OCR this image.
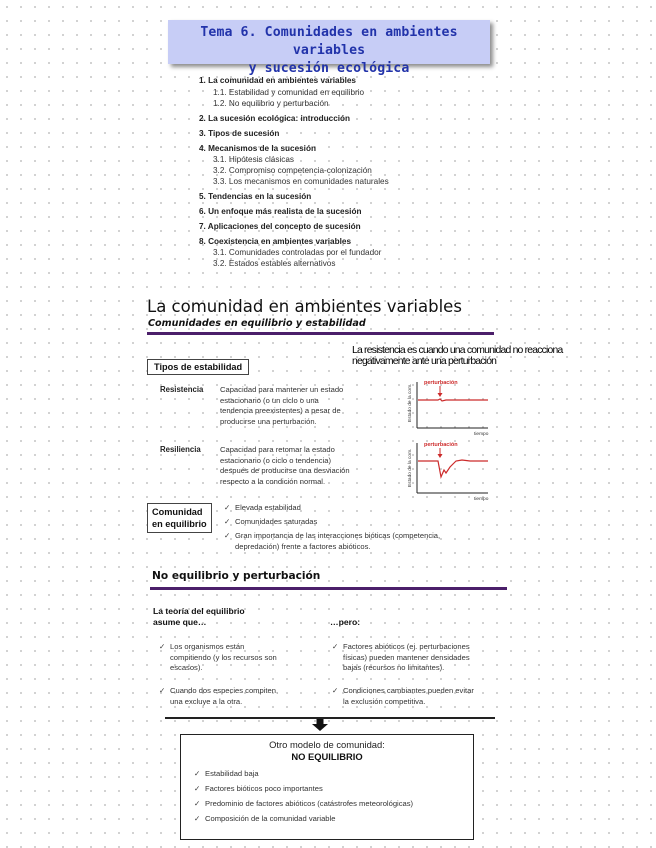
Tema 6. Comunidades en ambientes variables
y sucesión ecológica
1. La comunidad en ambientes variables
1.1. Estabilidad y comunidad en equilibrio
1.2. No equilibrio y perturbación
2. La sucesión ecológica: introducción
3. Tipos de sucesión
4. Mecanismos de la sucesión
3.1. Hipótesis clásicas
3.2. Compromiso competencia-colonización
3.3. Los mecanismos en comunidades naturales
5. Tendencias en la sucesión
6. Un enfoque más realista de la sucesión
7. Aplicaciones del concepto de sucesión
8. Coexistencia en ambientes variables
3.1. Comunidades controladas por el fundador
3.2. Estados estables alternativos
La comunidad en ambientes variables
Comunidades en equilibrio y estabilidad
La resistencia es cuando una comunidad no reacciona negativamente ante una perturbación
Tipos de estabilidad
Resistencia Capacidad para mantener un estado
estacionario (o un ciclo o una
tendencia preexistentes) a pesar de
producirse una perturbación.
Resiliencia	Capacidad para retomar la estado
estacionario (o ciclo o tendencia)
después de producirse una desviación
respecto a la condición normal.
perturbación
Estado de la com.
tiempo
perturbación
Estado de la com.
tiempo
Comunidad
en equilibrio
✓ Elevada estabilidad
✓ Comunidades saturadas
✓ Gran importancia de las interacciones bióticas (competencia,
depredación) frente a factores abióticos.
No equilibrio y perturbación
La teoría del equilibrio
asume que…	…pero:
✓ Los organismos están
compitiendo (y los recursos son
escasos).
✓ Cuando dos especies compiten,
una excluye a la otra.
✓ Factores abióticos (ej. perturbaciones
físicas) pueden mantener densidades
bajas (recursos no limitantes).
✓ Condiciones cambiantes pueden evitar
la exclusión competitiva.
Otro modelo de comunidad:
NO EQUILIBRIO
✓ Estabilidad baja
✓ Factores bióticos poco importantes
✓ Predominio de factores abióticos (catástrofes meteorológicas)
✓ Composición de la comunidad variable
